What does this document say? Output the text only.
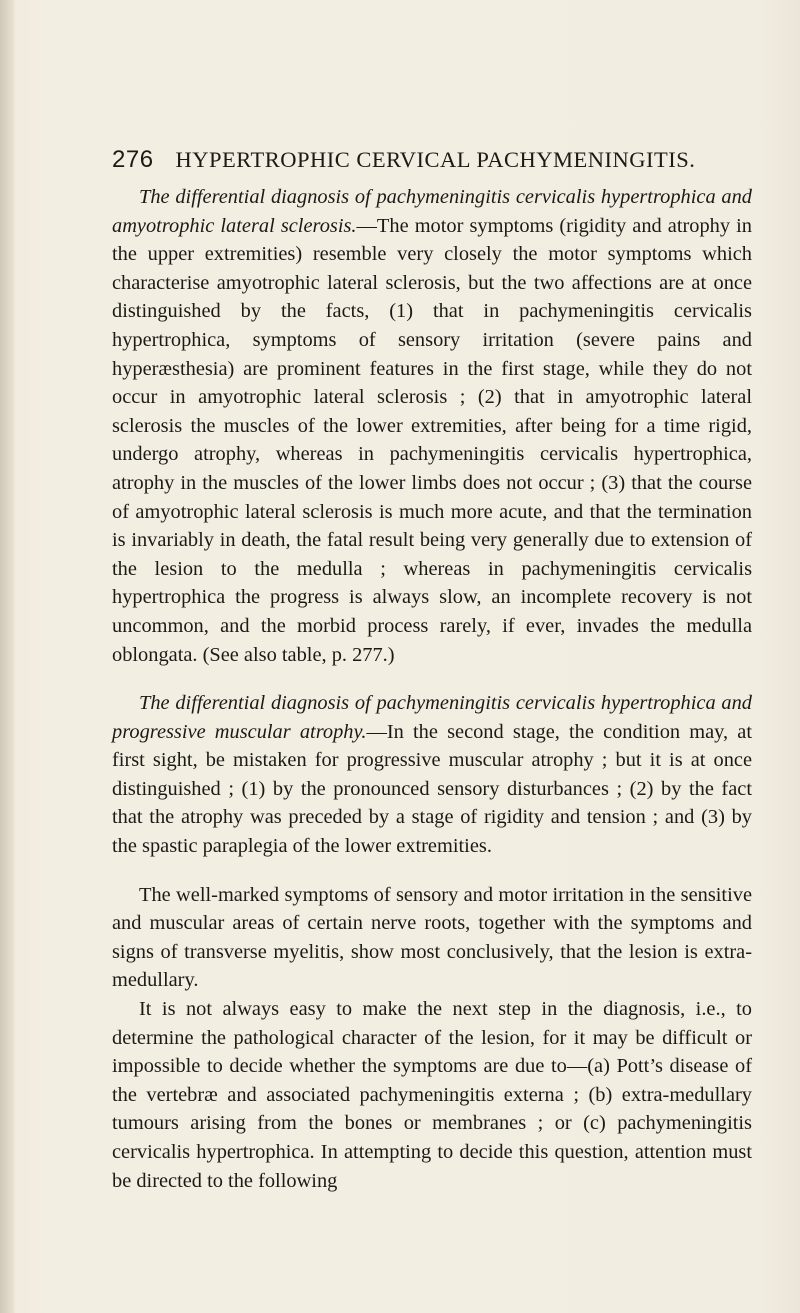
276 HYPERTROPHIC CERVICAL PACHYMENINGITIS.

The differential diagnosis of pachymeningitis cervicalis hypertrophica and amyotrophic lateral sclerosis.—The motor symptoms (rigidity and atrophy in the upper extremities) resemble very closely the motor symptoms which characterise amyotrophic lateral sclerosis, but the two affections are at once distinguished by the facts, (1) that in pachymeningitis cervicalis hypertrophica, symptoms of sensory irritation (severe pains and hyperæsthesia) are prominent features in the first stage, while they do not occur in amyotrophic lateral sclerosis ; (2) that in amyotrophic lateral sclerosis the muscles of the lower extremities, after being for a time rigid, undergo atrophy, whereas in pachymeningitis cervicalis hypertrophica, atrophy in the muscles of the lower limbs does not occur ; (3) that the course of amyotrophic lateral sclerosis is much more acute, and that the termination is invariably in death, the fatal result being very generally due to extension of the lesion to the medulla ; whereas in pachymeningitis cervicalis hypertrophica the progress is always slow, an incomplete recovery is not uncommon, and the morbid process rarely, if ever, invades the medulla oblongata. (See also table, p. 277.)

The differential diagnosis of pachymeningitis cervicalis hypertrophica and progressive muscular atrophy.—In the second stage, the condition may, at first sight, be mistaken for progressive muscular atrophy ; but it is at once distinguished ; (1) by the pronounced sensory disturbances ; (2) by the fact that the atrophy was preceded by a stage of rigidity and tension ; and (3) by the spastic paraplegia of the lower extremities.

The well-marked symptoms of sensory and motor irritation in the sensitive and muscular areas of certain nerve roots, together with the symptoms and signs of transverse myelitis, show most conclusively, that the lesion is extra-medullary.

It is not always easy to make the next step in the diagnosis, i.e., to determine the pathological character of the lesion, for it may be difficult or impossible to decide whether the symptoms are due to—(a) Pott’s disease of the vertebræ and associated pachymeningitis externa ; (b) extra-medullary tumours arising from the bones or membranes ; or (c) pachymeningitis cervicalis hypertrophica. In attempting to decide this question, attention must be directed to the following
